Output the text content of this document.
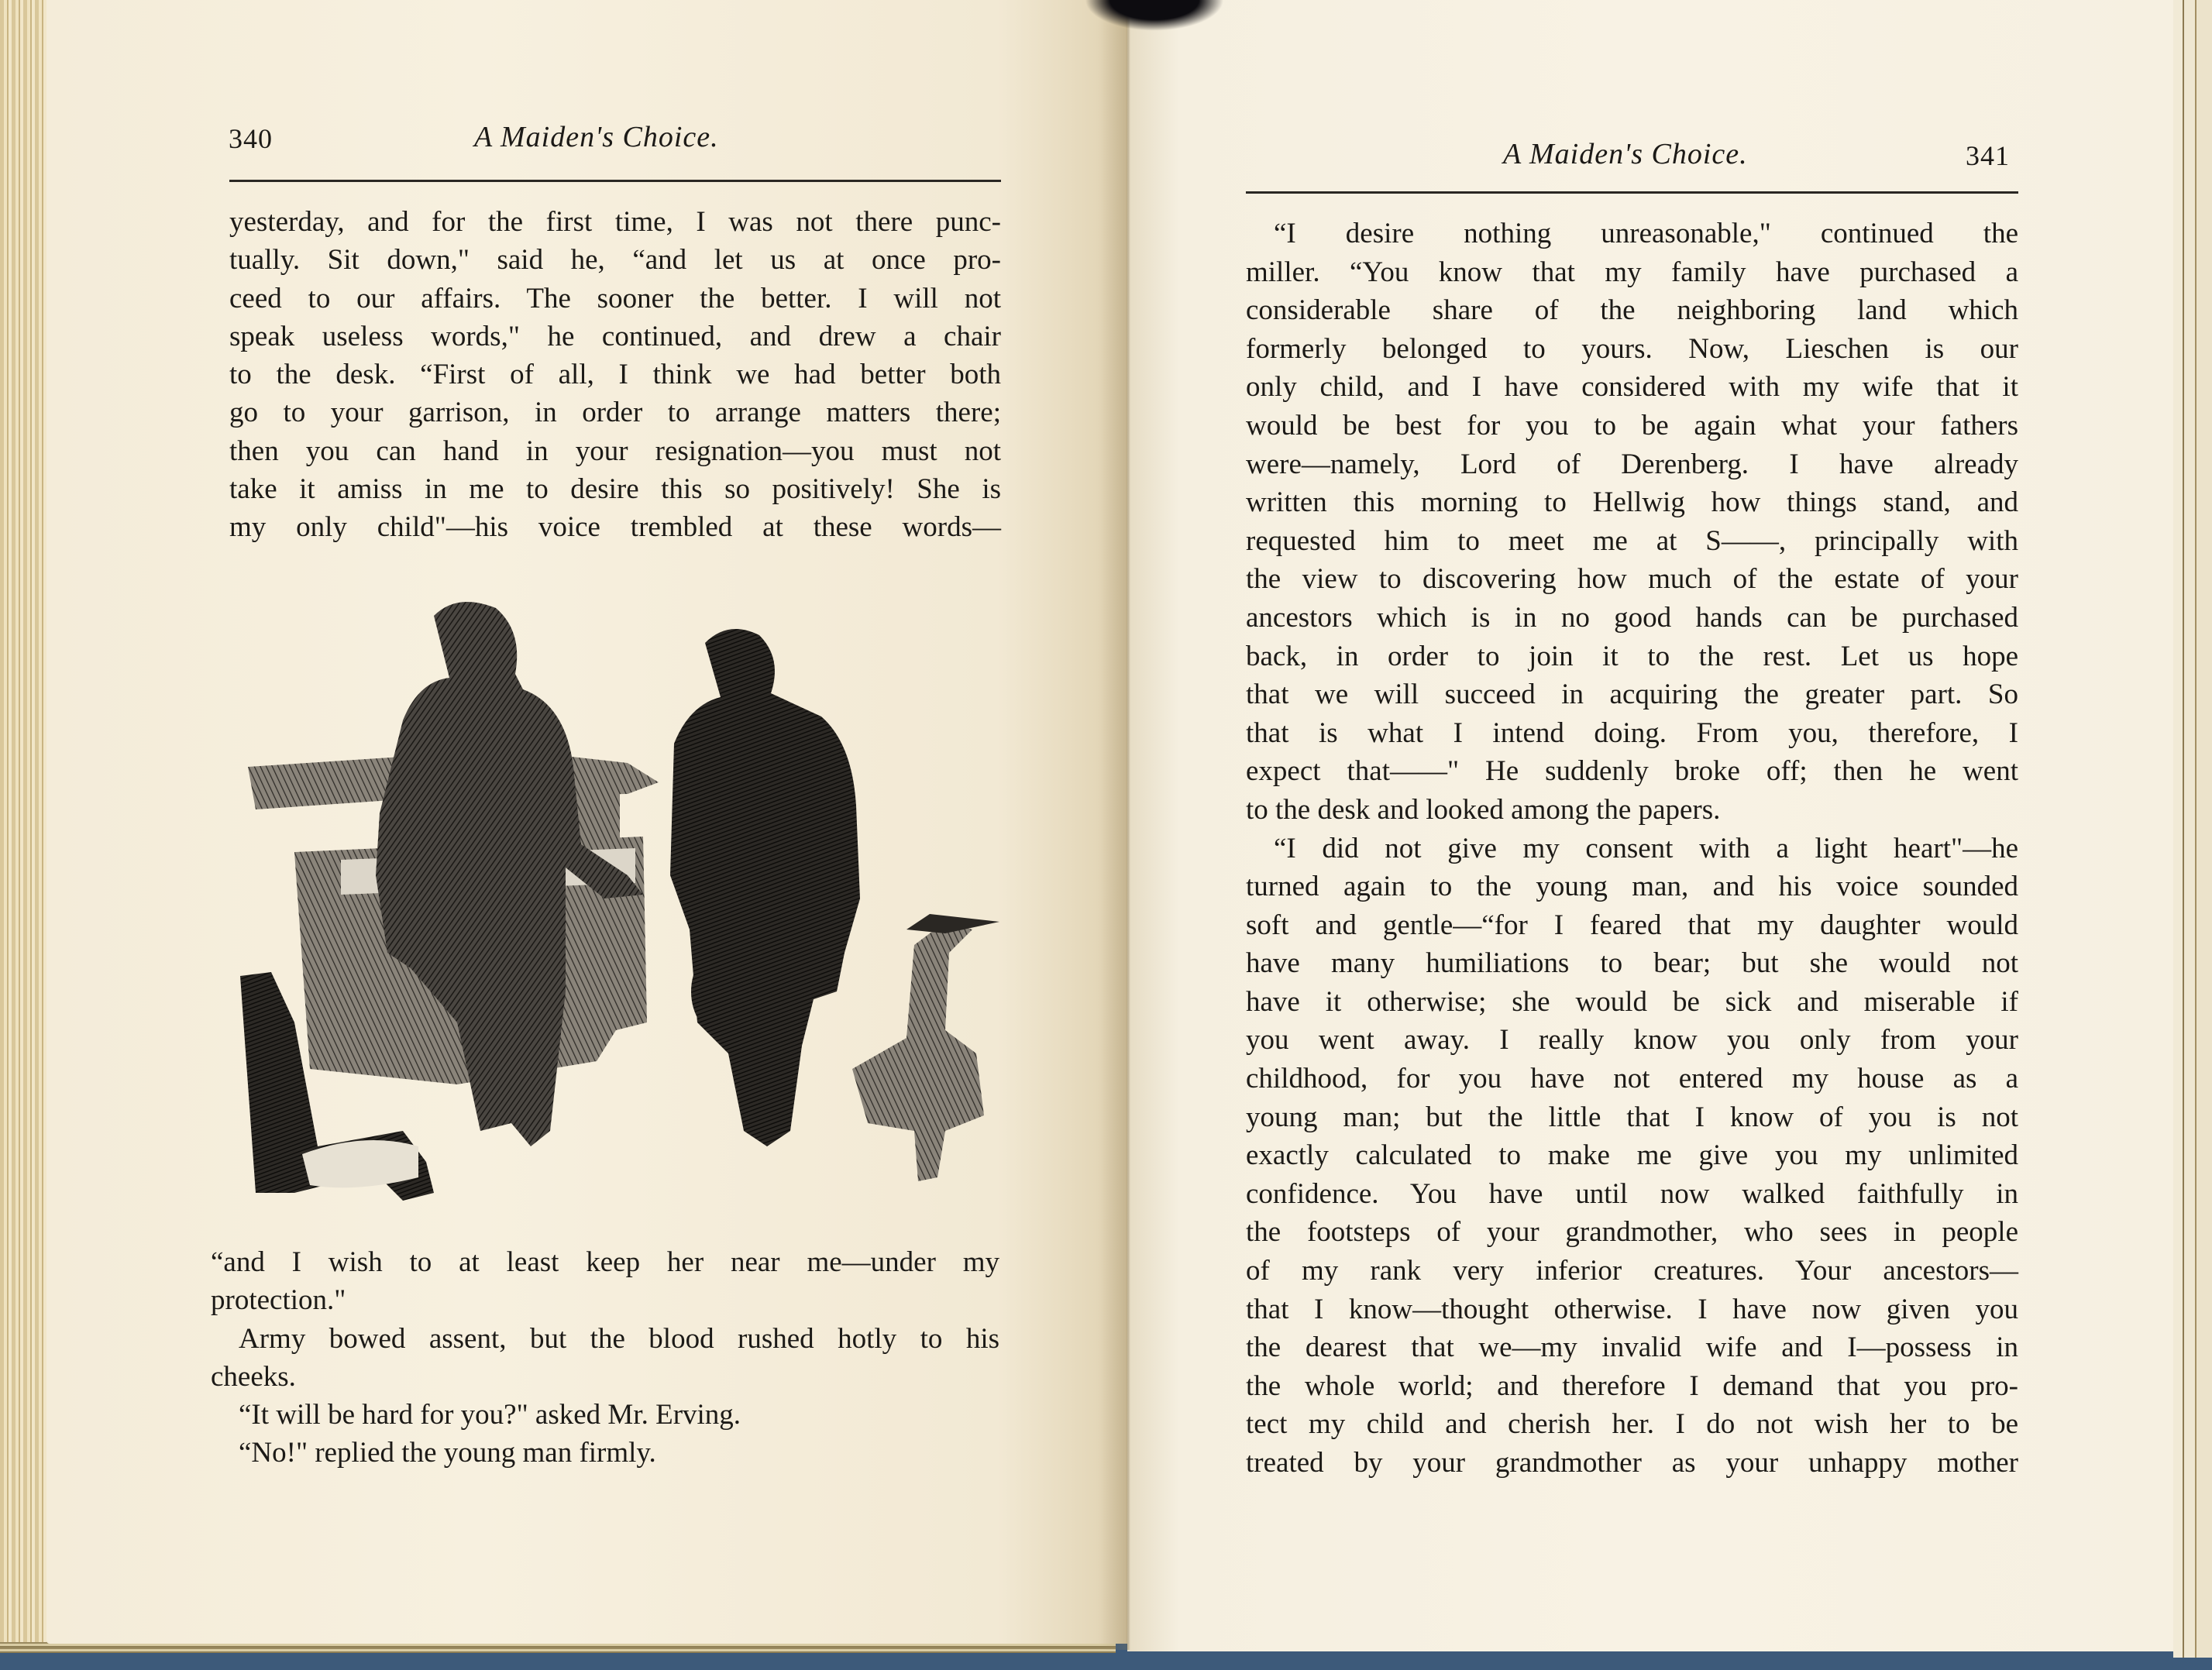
340	A Maiden's Choice.
yesterday, and for the first time, I was not there punc-
tually. Sit down," said he, “and let us at once pro-
ceed to our affairs. The sooner the better. I will not
speak useless words," he continued, and drew a chair
to the desk. “First of all, I think we had better both
go to your garrison, in order to arrange matters there;
then you can hand in your resignation—you must not
take it amiss in me to desire this so positively! She is
my only child"—his voice trembled at these words—
“and I wish to at least keep her near me—under my
protection."
Army bowed assent, but the blood rushed hotly to his
cheeks.
“It will be hard for you?" asked Mr. Erving.
“No!" replied the young man firmly.
A Maiden's Choice.	341
“I desire nothing unreasonable," continued the
miller. “You know that my family have purchased a
considerable share of the neighboring land which
formerly belonged to yours. Now, Lieschen is our
only child, and I have considered with my wife that it
would be best for you to be again what your fathers
were—namely, Lord of Derenberg. I have already
written this morning to Hellwig how things stand, and
requested him to meet me at S——, principally with
the view to discovering how much of the estate of your
ancestors which is in no good hands can be purchased
back, in order to join it to the rest. Let us hope
that we will succeed in acquiring the greater part. So
that is what I intend doing. From you, therefore, I
expect that——" He suddenly broke off; then he went
to the desk and looked among the papers.
“I did not give my consent with a light heart"—he
turned again to the young man, and his voice sounded
soft and gentle—“for I feared that my daughter would
have many humiliations to bear; but she would not
have it otherwise; she would be sick and miserable if
you went away. I really know you only from your
childhood, for you have not entered my house as a
young man; but the little that I know of you is not
exactly calculated to make me give you my unlimited
confidence. You have until now walked faithfully in
the footsteps of your grandmother, who sees in people
of my rank very inferior creatures. Your ancestors—
that I know—thought otherwise. I have now given you
the dearest that we—my invalid wife and I—possess in
the whole world; and therefore I demand that you pro-
tect my child and cherish her. I do not wish her to be
treated by your grandmother as your unhappy mother
